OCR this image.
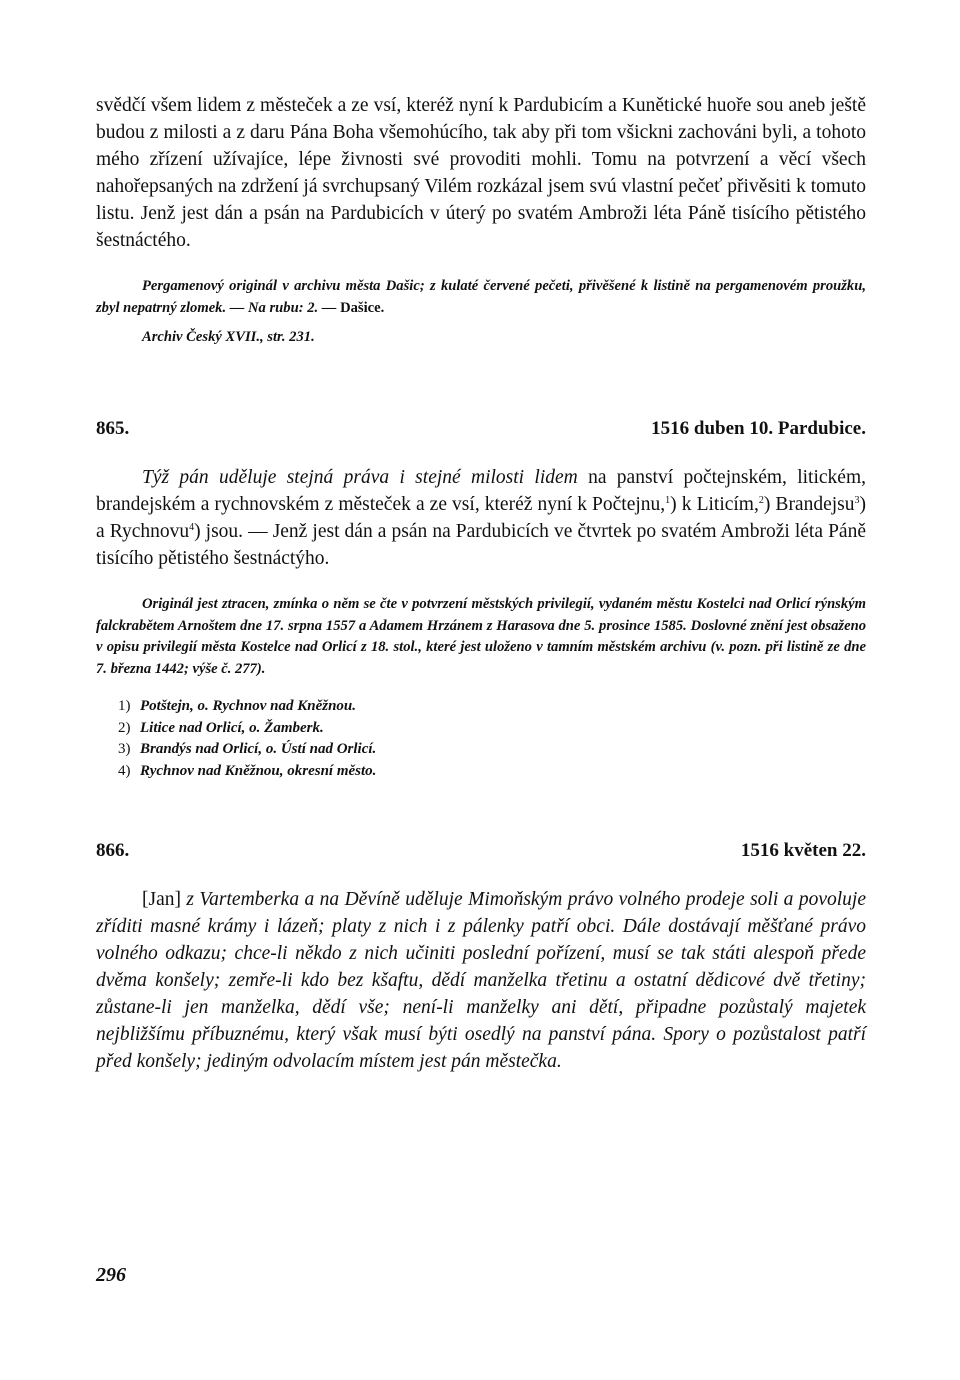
svědčí všem lidem z městeček a ze vsí, kteréž nyní k Pardubicím a Kunětické huoře sou aneb ještě budou z milosti a z daru Pána Boha všemohúcího, tak aby při tom všickni zachováni byli, a tohoto mého zřízení užívajíce, lépe živnosti své provoditi mohli. Tomu na potvrzení a věcí všech nahořepsaných na zdržení já svrchupsaný Vilém rozkázal jsem svú vlastní pečeť přivěsiti k tomuto listu. Jenž jest dán a psán na Pardubicích v úterý po svatém Ambroži léta Páně tisícího pětistého šestnáctého.

Pergamenový originál v archivu města Dašic; z kulaté červené pečeti, přivěšené k listině na pergamenovém proužku, zbyl nepatrný zlomek. — Na rubu: 2. — Dašice.

Archiv Český XVII., str. 231.

865.	1516 duben 10. Pardubice.

Týž pán uděluje stejná práva i stejné milosti lidem na panství počtejnském, litickém, brandejském a rychnovském z městeček a ze vsí, kteréž nyní k Počtejnu,$^1$) k Liticím,$^2$) Brandejsu$^3$) a Rychnovu$^4$) jsou. — Jenž jest dán a psán na Pardubicích ve čtvrtek po svatém Ambroži léta Páně tisícího pětistého šestnáctýho.

Originál jest ztracen, zmínka o něm se čte v potvrzení městských privilegií, vydaném městu Kostelci nad Orlicí rýnským falckrabětem Arnoštem dne 17. srpna 1557 a Adamem Hrzánem z Harasova dne 5. prosince 1585. Doslovné znění jest obsaženo v opisu privilegií města Kostelce nad Orlicí z 18. stol., které jest uloženo v tamním městském archivu (v. pozn. při listině ze dne 7. března 1442; výše č. 277).

1) Potštejn, o. Rychnov nad Kněžnou.
2) Litice nad Orlicí, o. Žamberk.
3) Brandýs nad Orlicí, o. Ústí nad Orlicí.
4) Rychnov nad Kněžnou, okresní město.
866.	1516 květen 22.

[Jan] z Vartemberka a na Děvíně uděluje Mimoňským právo volného prodeje soli a povoluje zříditi masné krámy i lázeň; platy z nich i z pálenky patří obci. Dále dostávají měšťané právo volného odkazu; chce-li někdo z nich učiniti poslední pořízení, musí se tak státi alespoň přede dvěma konšely; zemře-li kdo bez kšaftu, dědí manželka třetinu a ostatní dědicové dvě třetiny; zůstane-li jen manželka, dědí vše; není-li manželky ani dětí, připadne pozůstalý majetek nejbližšímu příbuznému, který však musí býti osedlý na panství pána. Spory o pozůstalost patří před konšely; jediným odvolacím místem jest pán městečka.

296
